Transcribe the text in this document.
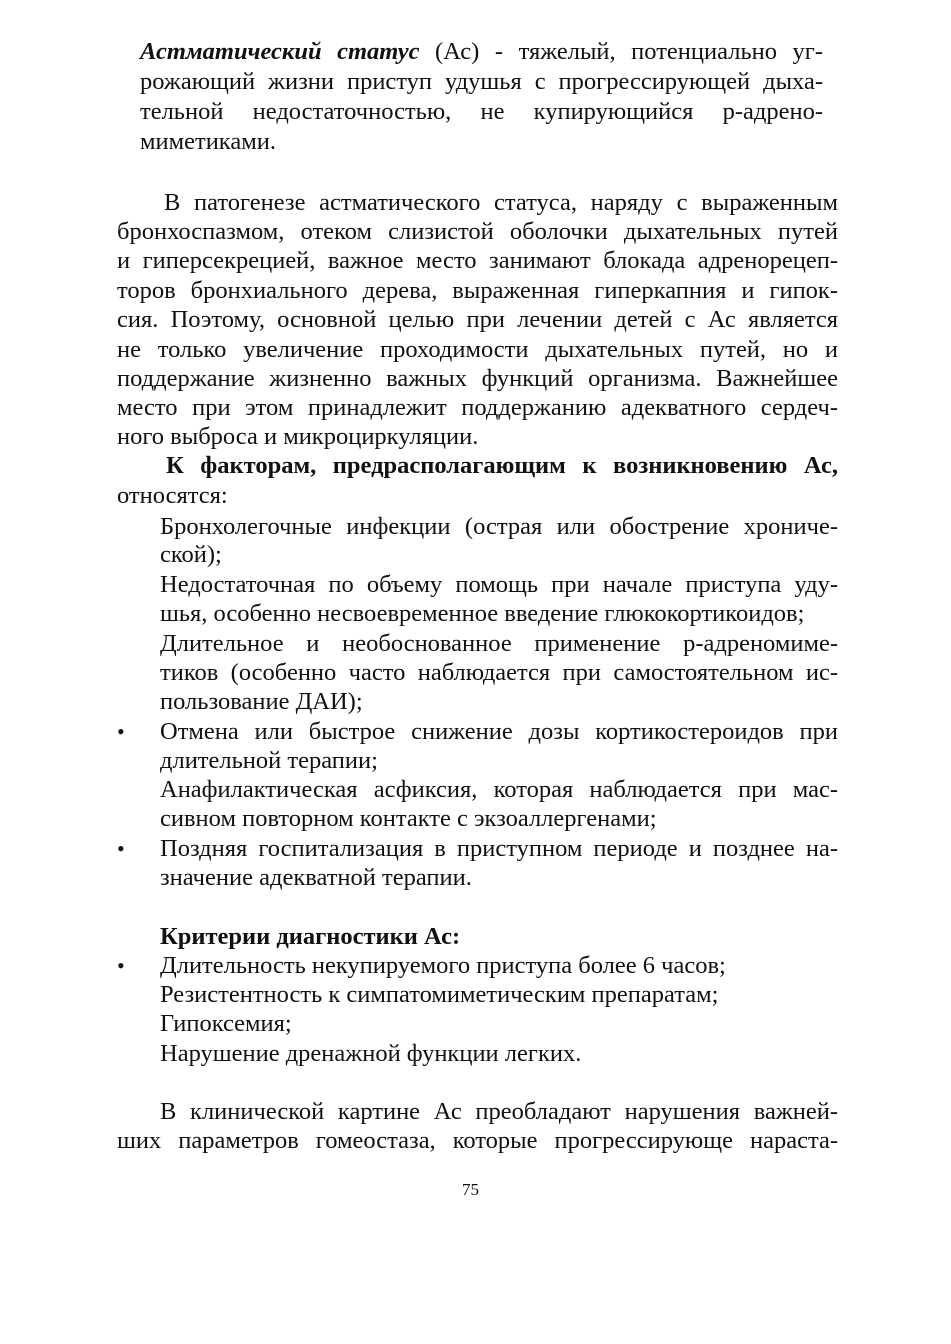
Астматический статус (Ас) - тяжелый, потенциально уг-
рожающий жизни приступ удушья с прогрессирующей дыха-
тельной недостаточностью, не купирующийся р-адрено-
миметиками.
В патогенезе астматического статуса, наряду с выраженным
бронхоспазмом, отеком слизистой оболочки дыхательных путей
и гиперсекрецией, важное место занимают блокада адренорецеп-
торов бронхиального дерева, выраженная гиперкапния и гипок-
сия. Поэтому, основной целью при лечении детей с Ас является
не только увеличение проходимости дыхательных путей, но и
поддержание жизненно важных функций организма. Важнейшее
место при этом принадлежит поддержанию адекватного сердеч-
ного выброса и микроциркуляции.
К факторам, предрасполагающим к возникновению Ас,
относятся:
Бронхолегочные инфекции (острая или обострение хрониче-
ской);
Недостаточная по объему помощь при начале приступа уду-
шья, особенно несвоевременное введение глюкокортикоидов;
Длительное и необоснованное применение р-адреномиме-
тиков (особенно часто наблюдается при самостоятельном ис-
пользование ДАИ);
• Отмена или быстрое снижение дозы кортикостероидов при
длительной терапии;
Анафилактическая асфиксия, которая наблюдается при мас-
сивном повторном контакте с экзоаллергенами;
• Поздняя госпитализация в приступном периоде и позднее на-
значение адекватной терапии.
Критерии диагностики Ас:
• Длительность некупируемого приступа более 6 часов;
Резистентность к симпатомиметическим препаратам;
Гипоксемия;
Нарушение дренажной функции легких.
В клинической картине Ас преобладают нарушения важней-
ших параметров гомеостаза, которые прогрессирующе нараста-
75
